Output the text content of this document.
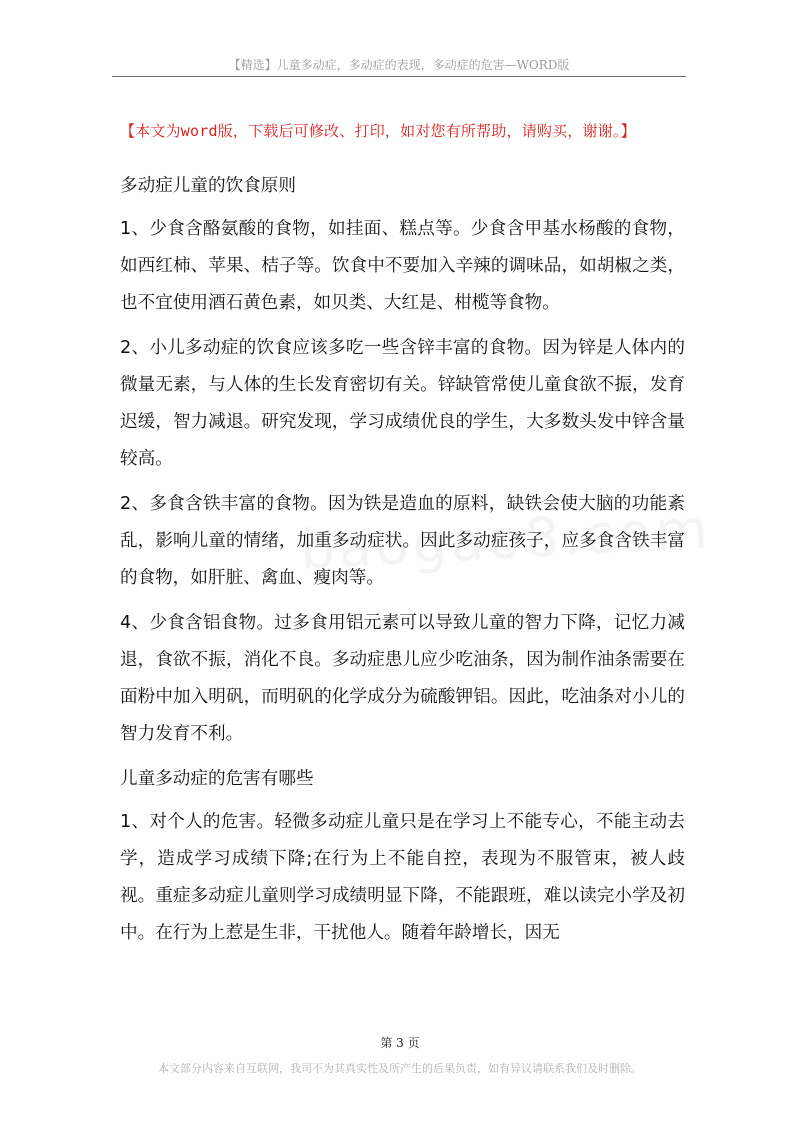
【精选】儿童多动症，多动症的表现，多动症的危害—WORD版
【本文为word版，下载后可修改、打印，如对您有所帮助，请购买，谢谢。】

多动症儿童的饮食原则

1、少食含酪氨酸的食物，如挂面、糕点等。少食含甲基水杨酸的食物，如西红柿、苹果、桔子等。饮食中不要加入辛辣的调味品，如胡椒之类，也不宜使用酒石黄色素，如贝类、大红是、柑榄等食物。

2、小儿多动症的饮食应该多吃一些含锌丰富的食物。因为锌是人体内的微量无素，与人体的生长发育密切有关。锌缺管常使儿童食欲不振，发育迟缓，智力减退。研究发现，学习成绩优良的学生，大多数头发中锌含量较高。

2、多食含铁丰富的食物。因为铁是造血的原料，缺铁会使大脑的功能紊乱，影响儿童的情绪，加重多动症状。因此多动症孩子，应多食含铁丰富的食物，如肝脏、禽血、瘦肉等。

4、少食含铝食物。过多食用铝元素可以导致儿童的智力下降，记忆力减退，食欲不振，消化不良。多动症患儿应少吃油条，因为制作油条需要在面粉中加入明矾，而明矾的化学成分为硫酸钾铝。因此，吃油条对小儿的智力发育不利。

儿童多动症的危害有哪些

1、对个人的危害。轻微多动症儿童只是在学习上不能专心，不能主动去学，造成学习成绩下降;在行为上不能自控，表现为不服管束，被人歧视。重症多动症儿童则学习成绩明显下降，不能跟班，难以读完小学及初中。在行为上惹是生非，干扰他人。随着年龄增长，因无

第 3 页
本文部分内容来自互联网，我司不为其真实性及所产生的后果负责，如有异议请联系我们及时删除。
